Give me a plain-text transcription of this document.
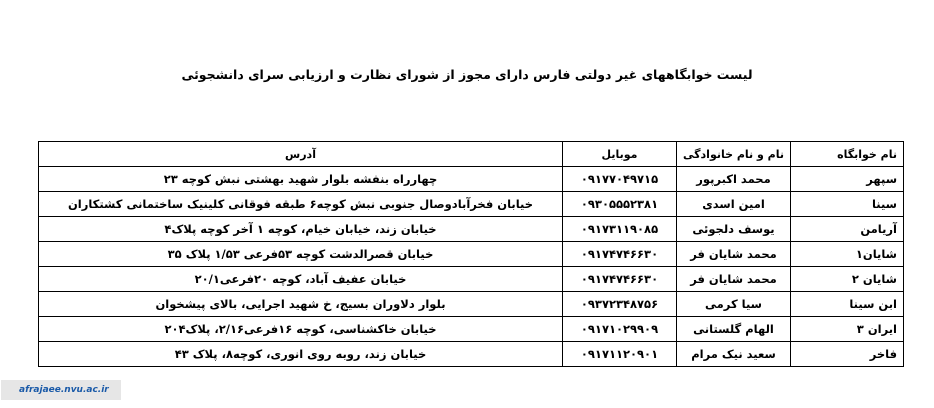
لیست خوابگاههای غیر دولتی فارس دارای مجوز از شورای نظارت و ارزیابی سرای دانشجوئی
نام خوابگاه	نام و نام خانوادگی	موبایل	آدرس
سپهر	محمد اکبرپور	۰۹۱۷۷۰۴۹۷۱۵	چهارراه بنفشه بلوار شهید بهشتی نبش کوچه ۲۳
سینا	امین اسدی	۰۹۳۰۵۵۵۲۳۸۱	خیابان فخرآبادوصال جنوبی نبش کوچه۶ طبقه فوقانی کلینیک ساختمانی کشتکاران
آریامن	یوسف دلجوئی	۰۹۱۷۳۱۱۹۰۸۵	خیابان زند، خیابان خیام، کوچه ۱ آخر کوچه پلاک۴
شایان۱	محمد شایان فر	۰۹۱۷۴۷۴۶۶۳۰	خیابان قصرالدشت کوچه ۵۳فرعی ۱/۵۳ پلاک ۳۵
شایان ۲	محمد شایان فر	۰۹۱۷۴۷۴۶۶۳۰	خیابان عفیف آباد، کوچه ۲۰فرعی۲۰/۱
ابن سینا	سیا کرمی	۰۹۳۷۲۳۴۸۷۵۶	بلوار دلاوران بسیج، خ شهید اجرایی، بالای پیشخوان
ایران ۳	الهام گلستانی	۰۹۱۷۱۰۲۹۹۰۹	خیابان خاکشناسی، کوچه ۱۶فرعی۲/۱۶، پلاک۲۰۴
فاخر	سعید نیک مرام	۰۹۱۷۱۱۲۰۹۰۱	خیابان زند، روبه روی انوری، کوچه۸، پلاک ۴۳
afrajaee.nvu.ac.ir
